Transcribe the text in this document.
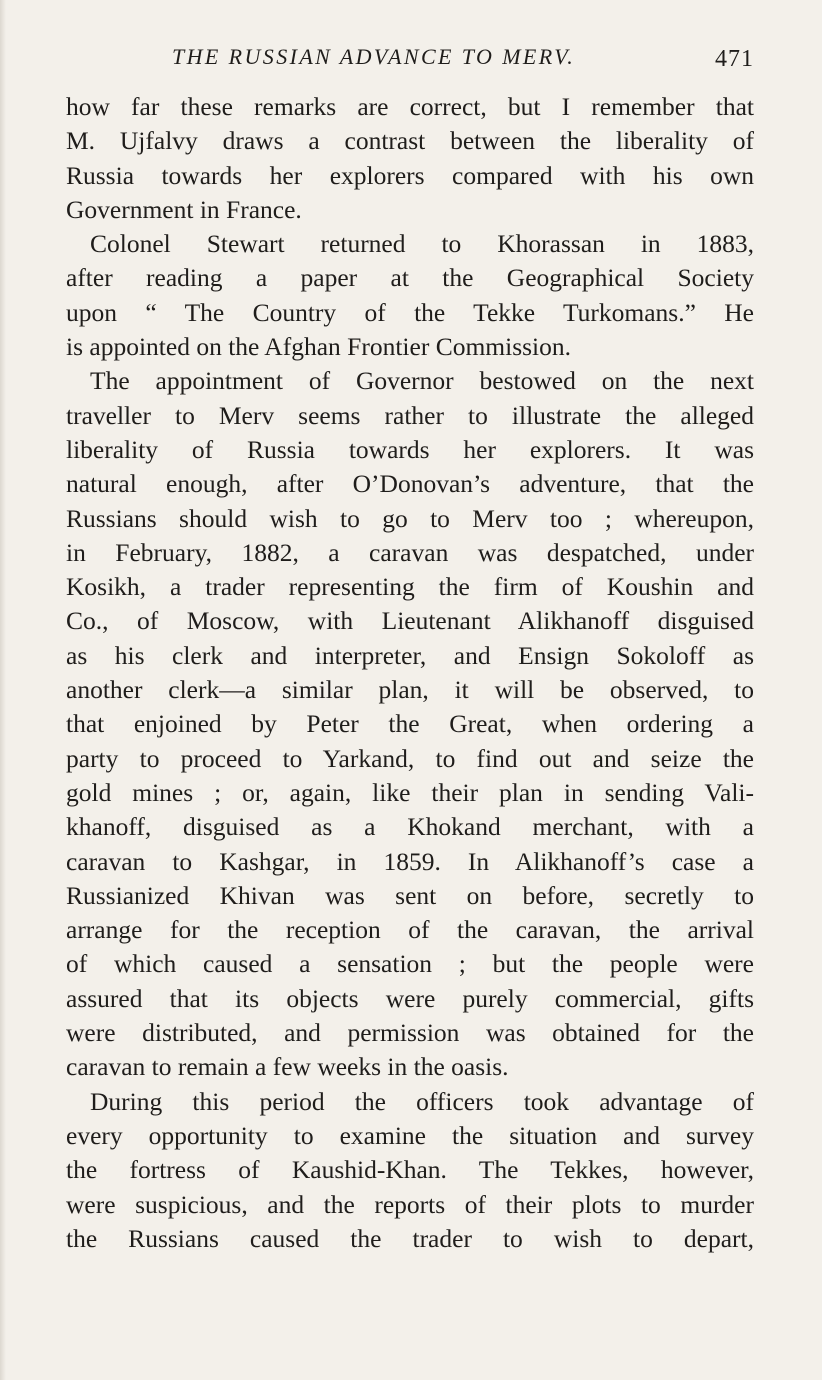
THE RUSSIAN ADVANCE TO MERV.	471
how far these remarks are correct, but I remember that
M. Ujfalvy draws a contrast between the liberality of
Russia towards her explorers compared with his own
Government in France.
Colonel Stewart returned to Khorassan in 1883,
after reading a paper at the Geographical Society
upon “ The Country of the Tekke Turkomans.” He
is appointed on the Afghan Frontier Commission.
The appointment of Governor bestowed on the next
traveller to Merv seems rather to illustrate the alleged
liberality of Russia towards her explorers. It was
natural enough, after O’Donovan’s adventure, that the
Russians should wish to go to Merv too ; whereupon,
in February, 1882, a caravan was despatched, under
Kosikh, a trader representing the firm of Koushin and
Co., of Moscow, with Lieutenant Alikhanoff disguised
as his clerk and interpreter, and Ensign Sokoloff as
another clerk—a similar plan, it will be observed, to
that enjoined by Peter the Great, when ordering a
party to proceed to Yarkand, to find out and seize the
gold mines ; or, again, like their plan in sending Vali-
khanoff, disguised as a Khokand merchant, with a
caravan to Kashgar, in 1859. In Alikhanoff’s case a
Russianized Khivan was sent on before, secretly to
arrange for the reception of the caravan, the arrival
of which caused a sensation ; but the people were
assured that its objects were purely commercial, gifts
were distributed, and permission was obtained for the
caravan to remain a few weeks in the oasis.
During this period the officers took advantage of
every opportunity to examine the situation and survey
the fortress of Kaushid-Khan. The Tekkes, however,
were suspicious, and the reports of their plots to murder
the Russians caused the trader to wish to depart,
